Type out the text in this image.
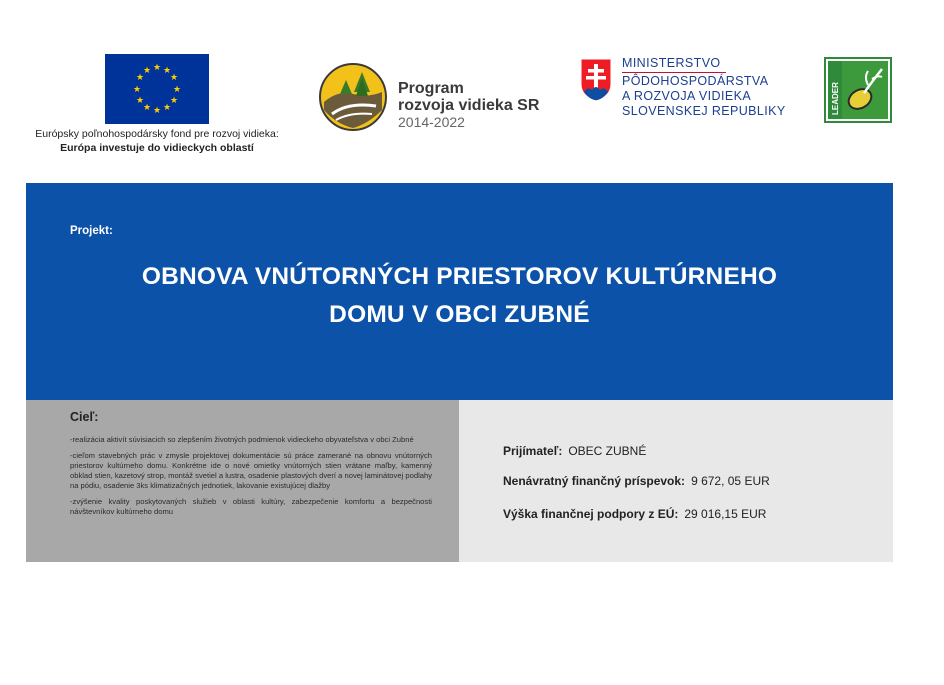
★ ★
★
★
★
★
★
★
★
★
★
★
Európsky poľnohospodársky fond pre rozvoj vidieka:
Európa investuje do vidieckych oblastí
Program
rozvoja vidieka SR
2014-2022
MINISTERSTVO
PÔDOHOSPODÁRSTVA
A ROZVOJA VIDIEKA
SLOVENSKEJ REPUBLIKY	LEADER
Projekt:
OBNOVA VNÚTORNÝCH PRIESTOROV KULTÚRNEHO
DOMU V OBCI ZUBNÉ
Cieľ:

-realizácia aktivít súvisiacich so zlepšením životných podmienok vidieckeho obyvateľstva v obci Zubné

-cieľom stavebných prác v zmysle projektovej dokumentácie sú práce zamerané na obnovu vnútorných priestorov kultúrneho domu. Konkrétne ide o nové omietky vnútorných stien vrátane maľby, kamenný obklad stien, kazetový strop, montáž svetiel a lustra, osadenie plastových dverí a novej laminátovej podlahy na pódiu, osadenie 3ks klimatizačných jednotiek, lakovanie existujúcej dlažby

-zvýšenie kvality poskytovaných služieb v oblasti kultúry, zabezpečenie komfortu a bezpečnosti návštevníkov kultúrneho domu

Prijímateľ: OBEC ZUBNÉ
Nenávratný finančný príspevok: 9 672, 05 EUR
Výška finančnej podpory z EÚ: 29 016,15 EUR
